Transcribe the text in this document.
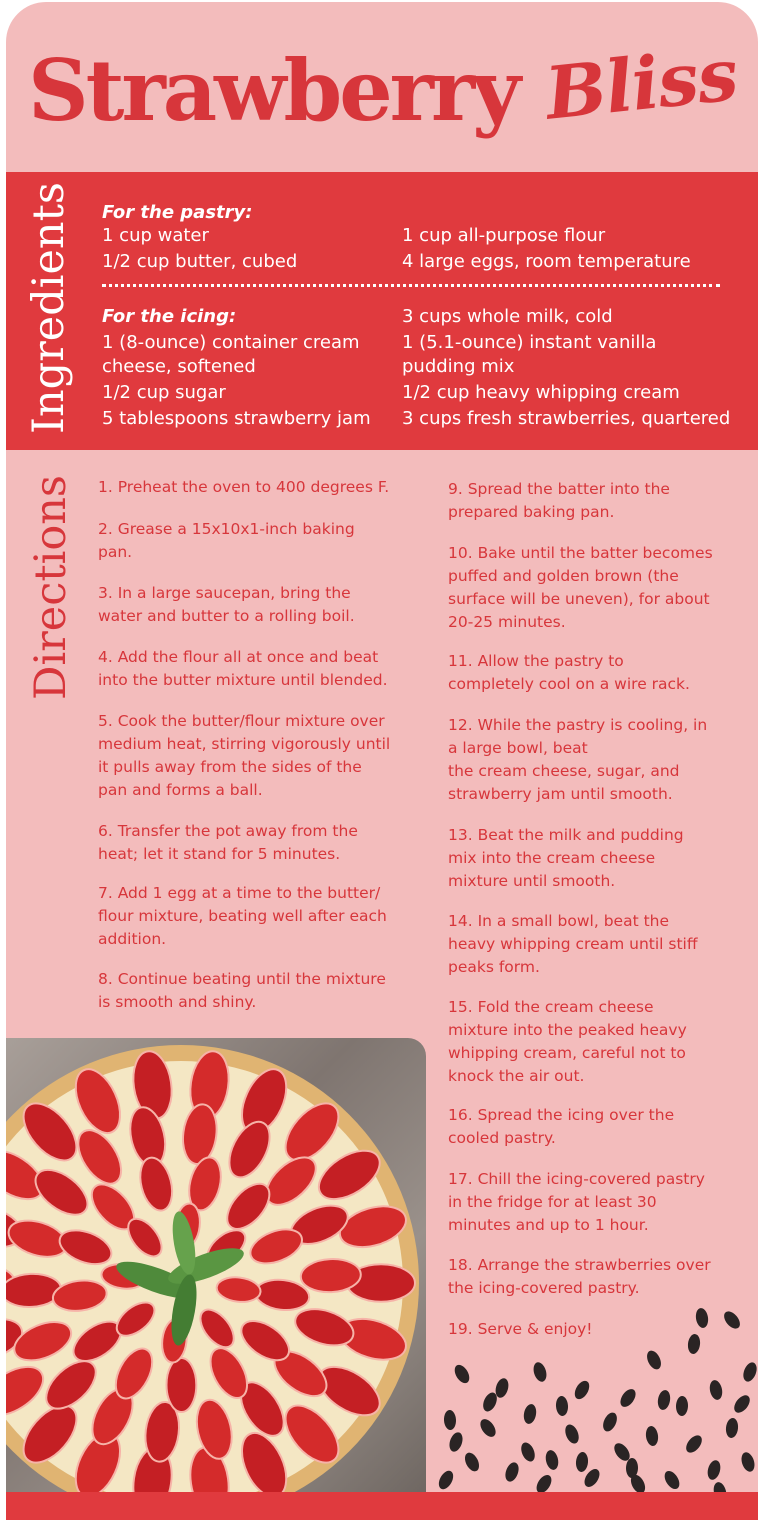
Strawberry Bliss
Ingredients For the pastry:
1 cup water
1/2 cup butter, cubed
1 cup all-purpose flour
4 large eggs, room temperature
For the icing:
1 (8-ounce) container cream
cheese, softened
1/2 cup sugar
5 tablespoons strawberry jam
3 cups whole milk, cold
1 (5.1-ounce) instant vanilla
pudding mix
1/2 cup heavy whipping cream
3 cups fresh strawberries, quartered
Directions 1. Preheat the oven to 400 degrees F.

2. Grease a 15x10x1-inch baking
pan.

3. In a large saucepan, bring the
water and butter to a rolling boil.

4. Add the flour all at once and beat
into the butter mixture until blended.

5. Cook the butter/flour mixture over
medium heat, stirring vigorously until
it pulls away from the sides of the
pan and forms a ball.

6. Transfer the pot away from the
heat; let it stand for 5 minutes.

7. Add 1 egg at a time to the butter/
flour mixture, beating well after each
addition.

8. Continue beating until the mixture
is smooth and shiny.

9. Spread the batter into the
prepared baking pan.

10. Bake until the batter becomes
puffed and golden brown (the
surface will be uneven), for about
20-25 minutes.

11. Allow the pastry to
completely cool on a wire rack.

12. While the pastry is cooling, in
a large bowl, beat
the cream cheese, sugar, and
strawberry jam until smooth.

13. Beat the milk and pudding
mix into the cream cheese
mixture until smooth.

14. In a small bowl, beat the
heavy whipping cream until stiff
peaks form.

15. Fold the cream cheese
mixture into the peaked heavy
whipping cream, careful not to
knock the air out.

16. Spread the icing over the
cooled pastry.

17. Chill the icing-covered pastry
in the fridge for at least 30
minutes and up to 1 hour.

18. Arrange the strawberries over
the icing-covered pastry.

19. Serve & enjoy!
